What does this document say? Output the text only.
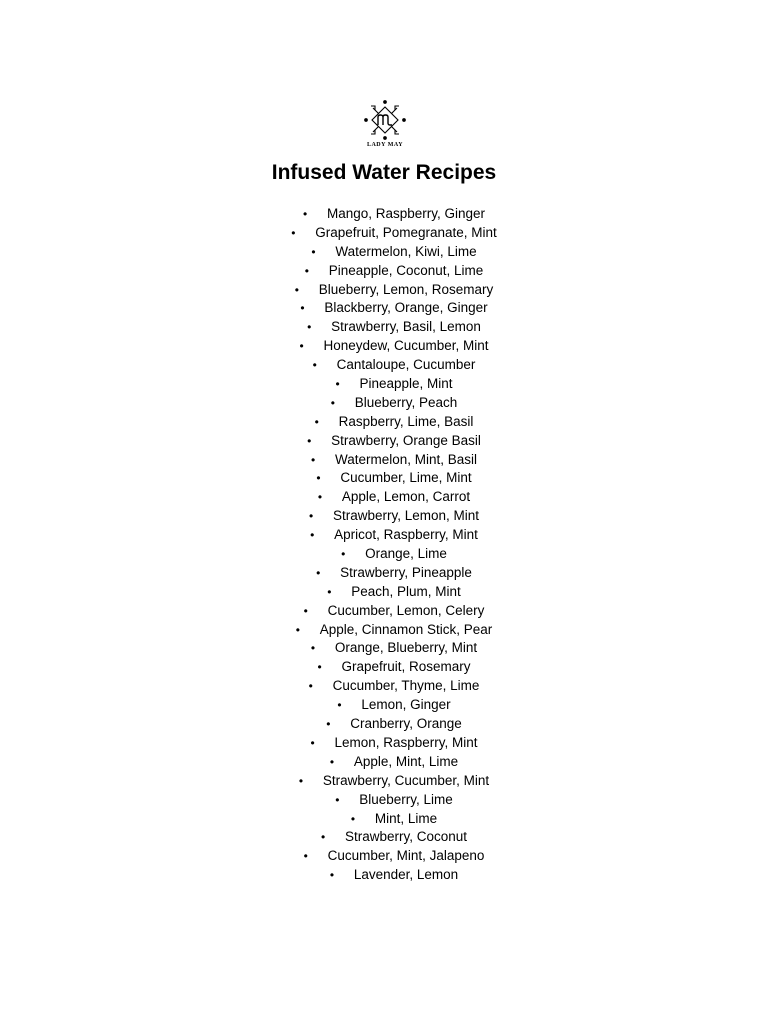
LADY MAY
Infused Water Recipes
• Mango, Raspberry, Ginger
• Grapefruit, Pomegranate, Mint
• Watermelon, Kiwi, Lime
• Pineapple, Coconut, Lime
• Blueberry, Lemon, Rosemary
• Blackberry, Orange, Ginger
• Strawberry, Basil, Lemon
• Honeydew, Cucumber, Mint
• Cantaloupe, Cucumber
• Pineapple, Mint
• Blueberry, Peach
• Raspberry, Lime, Basil
• Strawberry, Orange Basil
• Watermelon, Mint, Basil
• Cucumber, Lime, Mint
• Apple, Lemon, Carrot
• Strawberry, Lemon, Mint
• Apricot, Raspberry, Mint
• Orange, Lime
• Strawberry, Pineapple
• Peach, Plum, Mint
• Cucumber, Lemon, Celery
• Apple, Cinnamon Stick, Pear
• Orange, Blueberry, Mint
• Grapefruit, Rosemary
• Cucumber, Thyme, Lime
• Lemon, Ginger
• Cranberry, Orange
• Lemon, Raspberry, Mint
• Apple, Mint, Lime
• Strawberry, Cucumber, Mint
• Blueberry, Lime
• Mint, Lime
• Strawberry, Coconut
• Cucumber, Mint, Jalapeno
• Lavender, Lemon
